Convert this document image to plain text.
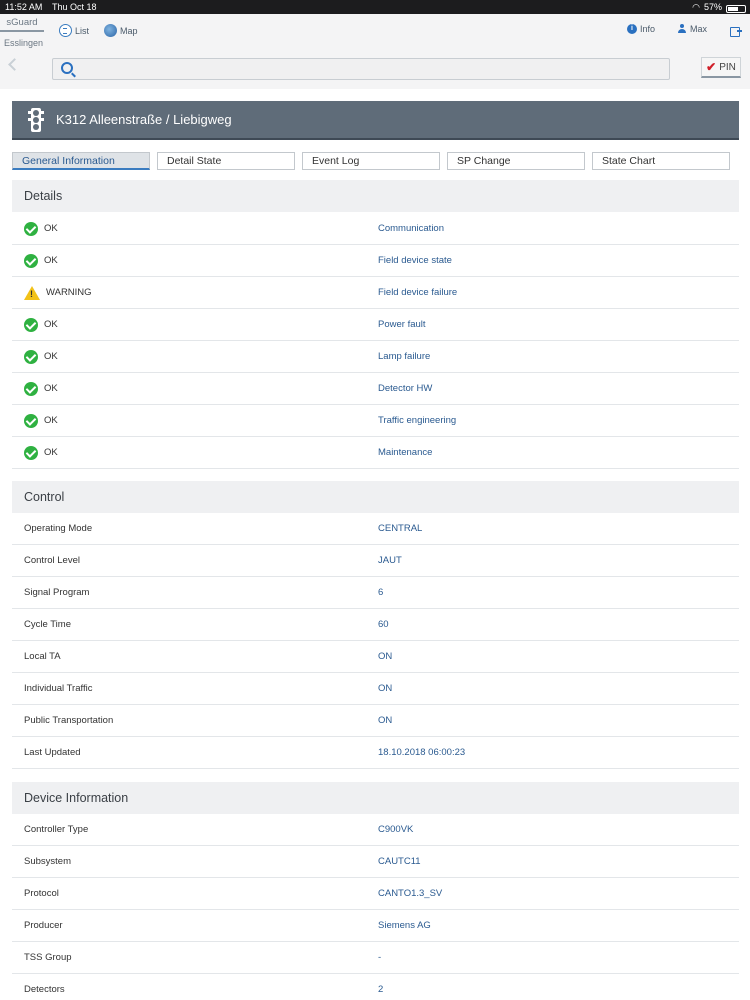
11:52 AM Thu Oct 18	◠ 57%
sGuard
Esslingen
List	Map	i Info	Max
✔ PIN
K312 Alleenstraße / Liebigweg
General Information	Detail State	Event Log	SP Change	State Chart
Details
OK	Communication
OK	Field device state
!
WARNING	Field device failure
OK	Power fault
OK	Lamp failure
OK	Detector HW
OK	Traffic engineering
OK	Maintenance
Control
Operating Mode	CENTRAL
Control Level	JAUT
Signal Program	6
Cycle Time	60
Local TA	ON
Individual Traffic	ON
Public Transportation	ON
Last Updated	18.10.2018 06:00:23
Device Information
Controller Type	C900VK
Subsystem	CAUTC11
Protocol	CANTO1.3_SV
Producer	Siemens AG
TSS Group	-
Detectors	2
